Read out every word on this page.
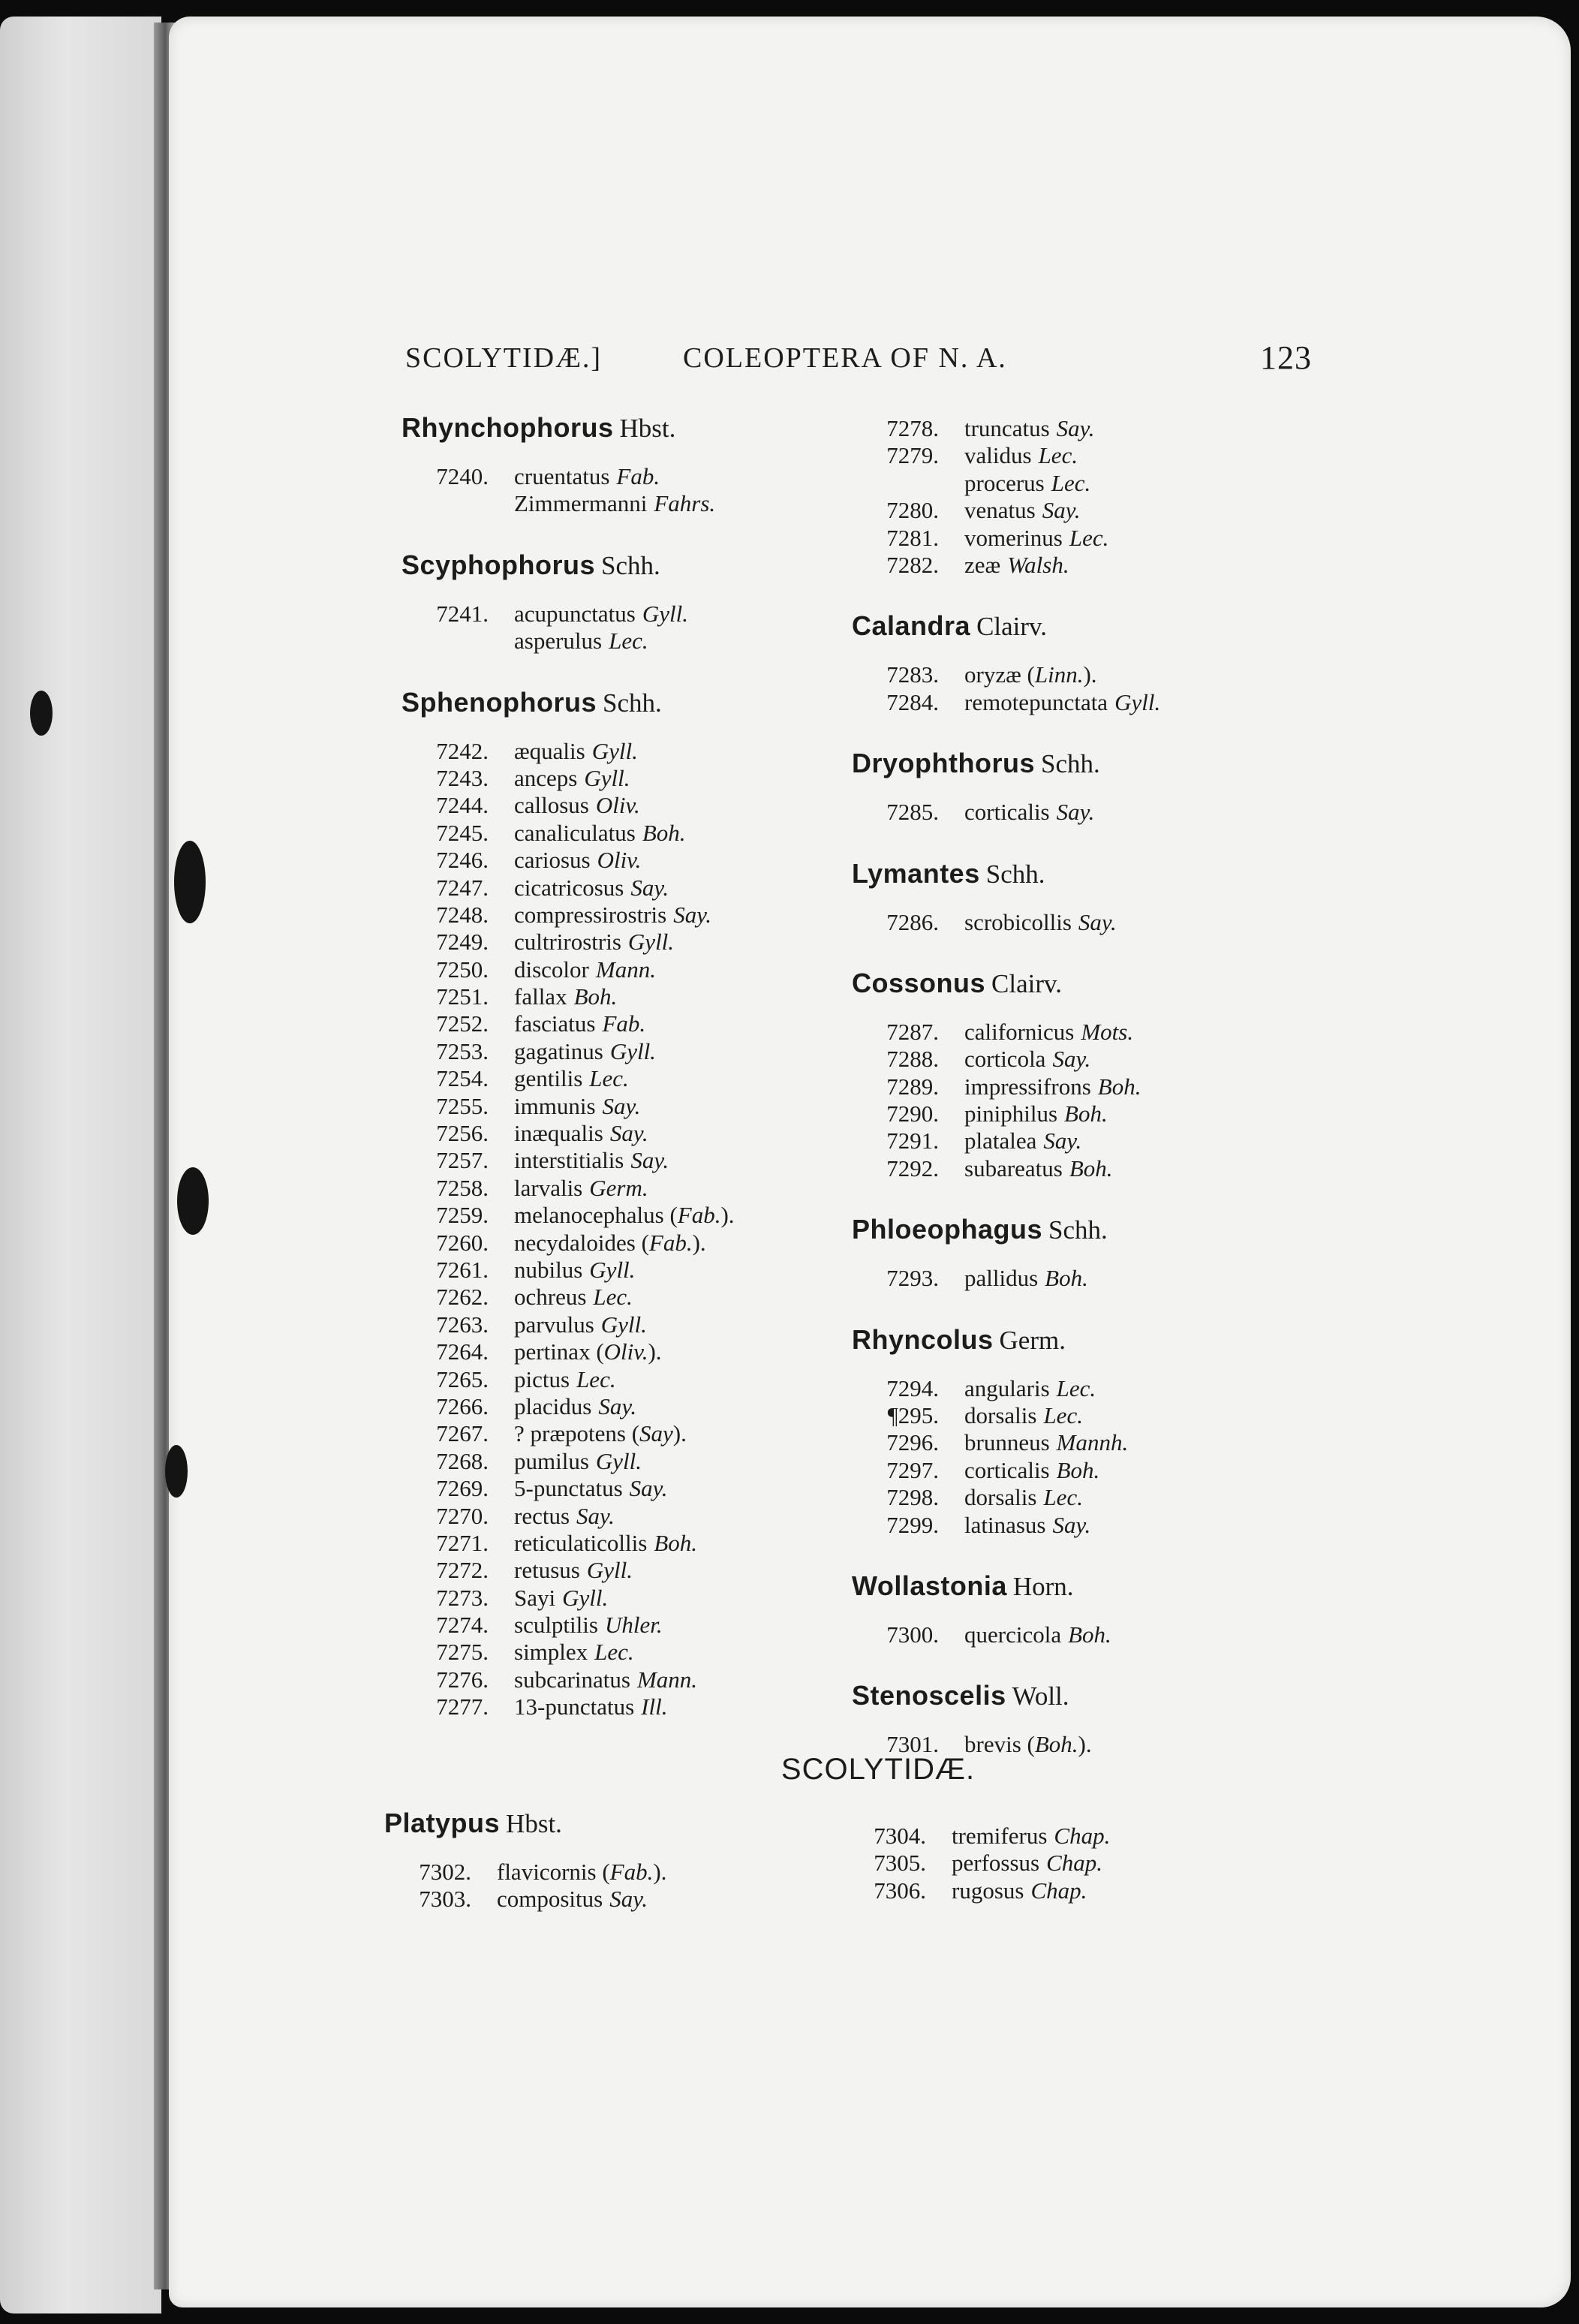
SCOLYTIDÆ.]	COLEOPTERA OF N. A.	123
Rhynchophorus Hbst.
7240.	cruentatus Fab.
Zimmermanni Fahrs.
Scyphophorus Schh.
7241.	acupunctatus Gyll.
asperulus Lec.
Sphenophorus Schh.
7242.	æqualis Gyll.
7243.	anceps Gyll.
7244.	callosus Oliv.
7245.	canaliculatus Boh.
7246.	cariosus Oliv.
7247.	cicatricosus Say.
7248.	compressirostris Say.
7249.	cultrirostris Gyll.
7250.	discolor Mann.
7251.	fallax Boh.
7252.	fasciatus Fab.
7253.	gagatinus Gyll.
7254.	gentilis Lec.
7255.	immunis Say.
7256.	inæqualis Say.
7257.	interstitialis Say.
7258.	larvalis Germ.
7259.	melanocephalus ( Fab. ).
7260.	necydaloides ( Fab. ).
7261.	nubilus Gyll.
7262.	ochreus Lec.
7263.	parvulus Gyll.
7264.	pertinax ( Oliv. ).
7265.	pictus Lec.
7266.	placidus Say.
7267.	? præpotens ( Say ).
7268.	pumilus Gyll.
7269.	5-punctatus Say.
7270.	rectus Say.
7271.	reticulaticollis Boh.
7272.	retusus Gyll.
7273.	Sayi Gyll.
7274.	sculptilis Uhler.
7275.	simplex Lec.
7276.	subcarinatus Mann.
7277.	13-punctatus Ill.
7278.	truncatus Say.
7279.	validus Lec.
procerus Lec.
7280.	venatus Say.
7281.	vomerinus Lec.
7282.	zeæ Walsh.
Calandra Clairv.
7283.	oryzæ ( Linn. ).
7284.	remotepunctata Gyll.
Dryophthorus Schh.
7285.	corticalis Say.
Lymantes Schh.
7286.	scrobicollis Say.
Cossonus Clairv.
7287.	californicus Mots.
7288.	corticola Say.
7289.	impressifrons Boh.
7290.	piniphilus Boh.
7291.	platalea Say.
7292.	subareatus Boh.
Phloeophagus Schh.
7293.	pallidus Boh.
Rhyncolus Germ.
7294.	angularis Lec.
¶295.	dorsalis Lec.
7296.	brunneus Mannh.
7297.	corticalis Boh.
7298.	dorsalis Lec.
7299.	latinasus Say.
Wollastonia Horn.
7300.	quercicola Boh.
Stenoscelis Woll.
7301.	brevis ( Boh. ).
SCOLYTIDÆ.
Platypus Hbst.
7302.	flavicornis ( Fab. ).
7303.	compositus Say.
7304.	tremiferus Chap.
7305.	perfossus Chap.
7306.	rugosus Chap.
